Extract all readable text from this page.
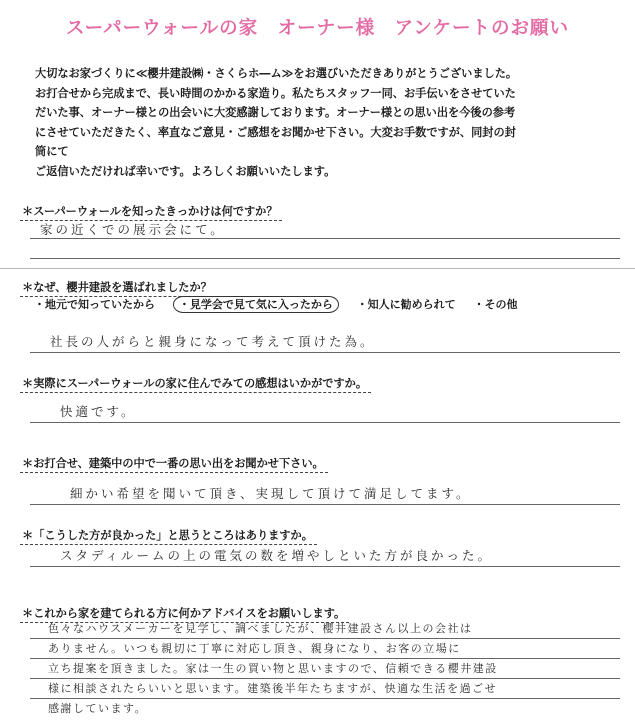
スーパーウォールの家　オーナー様　アンケートのお願い
大切なお家づくりに≪櫻井建設㈱・さくらホ―ム≫をお選びいただきありがとうございました。
お打合せから完成まで、長い時間のかかる家造り。私たちスタッフ一同、お手伝いをさせていた
だいた事、オーナー様との出会いに大変感謝しております。オーナー様との思い出を今後の参考
にさせていただきたく、率直なご意見・ご感想をお聞かせ下さい。大変お手数ですが、同封の封
筒にて
ご返信いただければ幸いです。よろしくお願いいたします。
＊スーパーウォールを知ったきっかけは何ですか？
家の近くでの展示会にて。
＊なぜ、櫻井建設を選ばれましたか？
・地元で知っていたから ・見学会で見て気に入ったから ・知人に勧められて ・その他
社長の人がらと親身になって考えて頂けた為。
＊実際にスーパーウォールの家に住んでみての感想はいかがですか。
快適です。
＊お打合せ、建築中の中で一番の思い出をお聞かせ下さい。
細かい希望を聞いて頂き、実現して頂けて満足してます。
＊「こうした方が良かった」と思うところはありますか。
スタディルームの上の電気の数を増やしといた方が良かった。
＊これから家を建てられる方に何かアドバイスをお願いします。
色々なハウスメーカーを見学し、調べましたが、櫻井建設さん以上の会社は
ありません。いつも親切に丁寧に対応し頂き、親身になり、お客の立場に
立ち提案を頂きました。家は一生の買い物と思いますので、信頼できる櫻井建設
様に相談されたらいいと思います。建築後半年たちますが、快適な生活を過ごせ
感謝しています。
